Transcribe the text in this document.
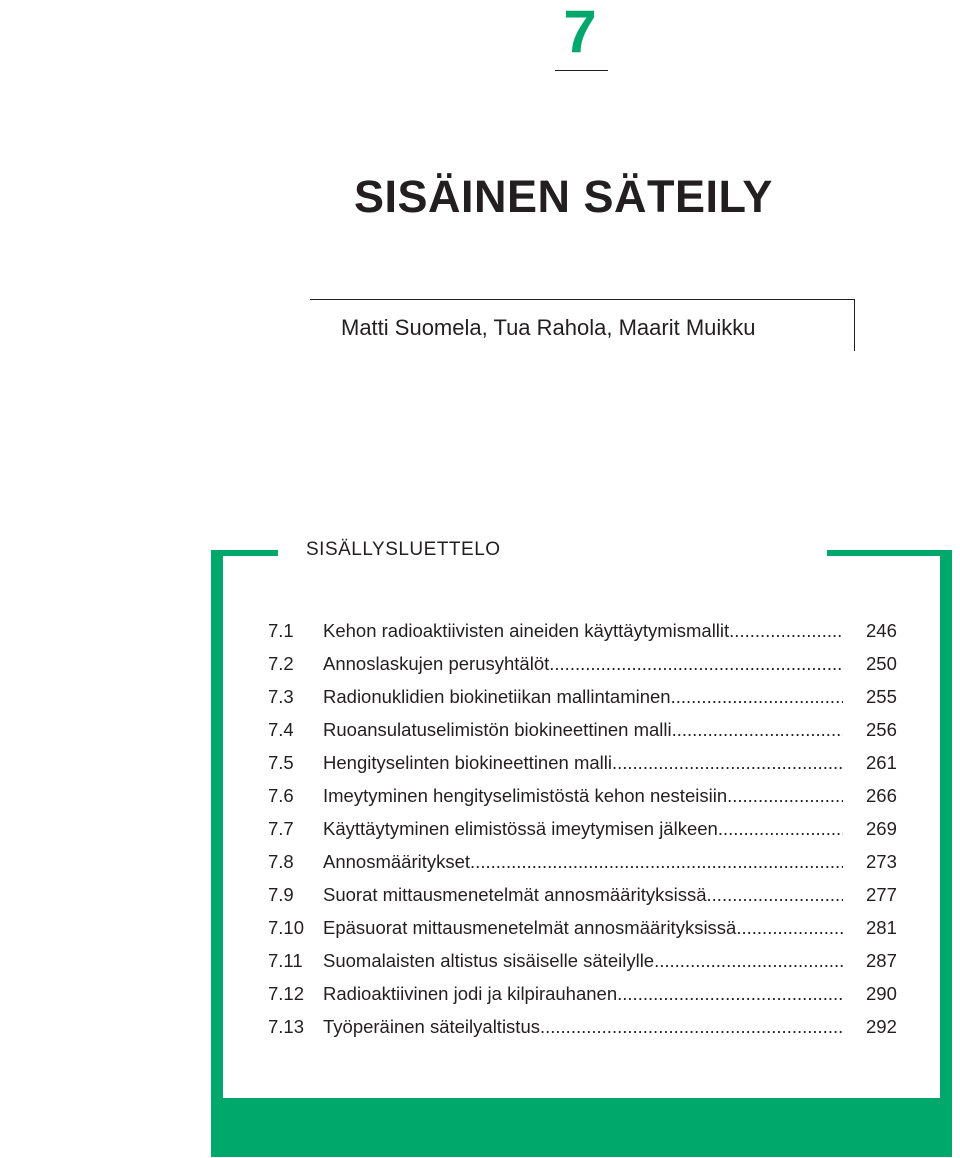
7
SISÄINEN SÄTEILY
Matti Suomela, Tua Rahola, Maarit Muikku
SISÄLLYSLUETTELO
7.1 Kehon radioaktiivisten aineiden käyttäytymismallit .....	246
7.2 Annoslaskujen perusyhtälöt .....	250
7.3 Radionuklidien biokinetiikan mallintaminen .....	255
7.4 Ruoansulatuselimistön biokineettinen malli .....	256
7.5 Hengityselinten biokineettinen malli .....	261
7.6 Imeytyminen hengityselimistöstä kehon nesteisiin .....	266
7.7 Käyttäytyminen elimistössä imeytymisen jälkeen .....	269
7.8 Annosmääritykset .....	273
7.9 Suorat mittausmenetelmät annosmäärityksissä .....	277
7.10 Epäsuorat mittausmenetelmät annosmäärityksissä .....	281
7.11 Suomalaisten altistus sisäiselle säteilylle .....	287
7.12 Radioaktiivinen jodi ja kilpirauhanen .....	290
7.13 Työperäinen säteilyaltistus .....	292
